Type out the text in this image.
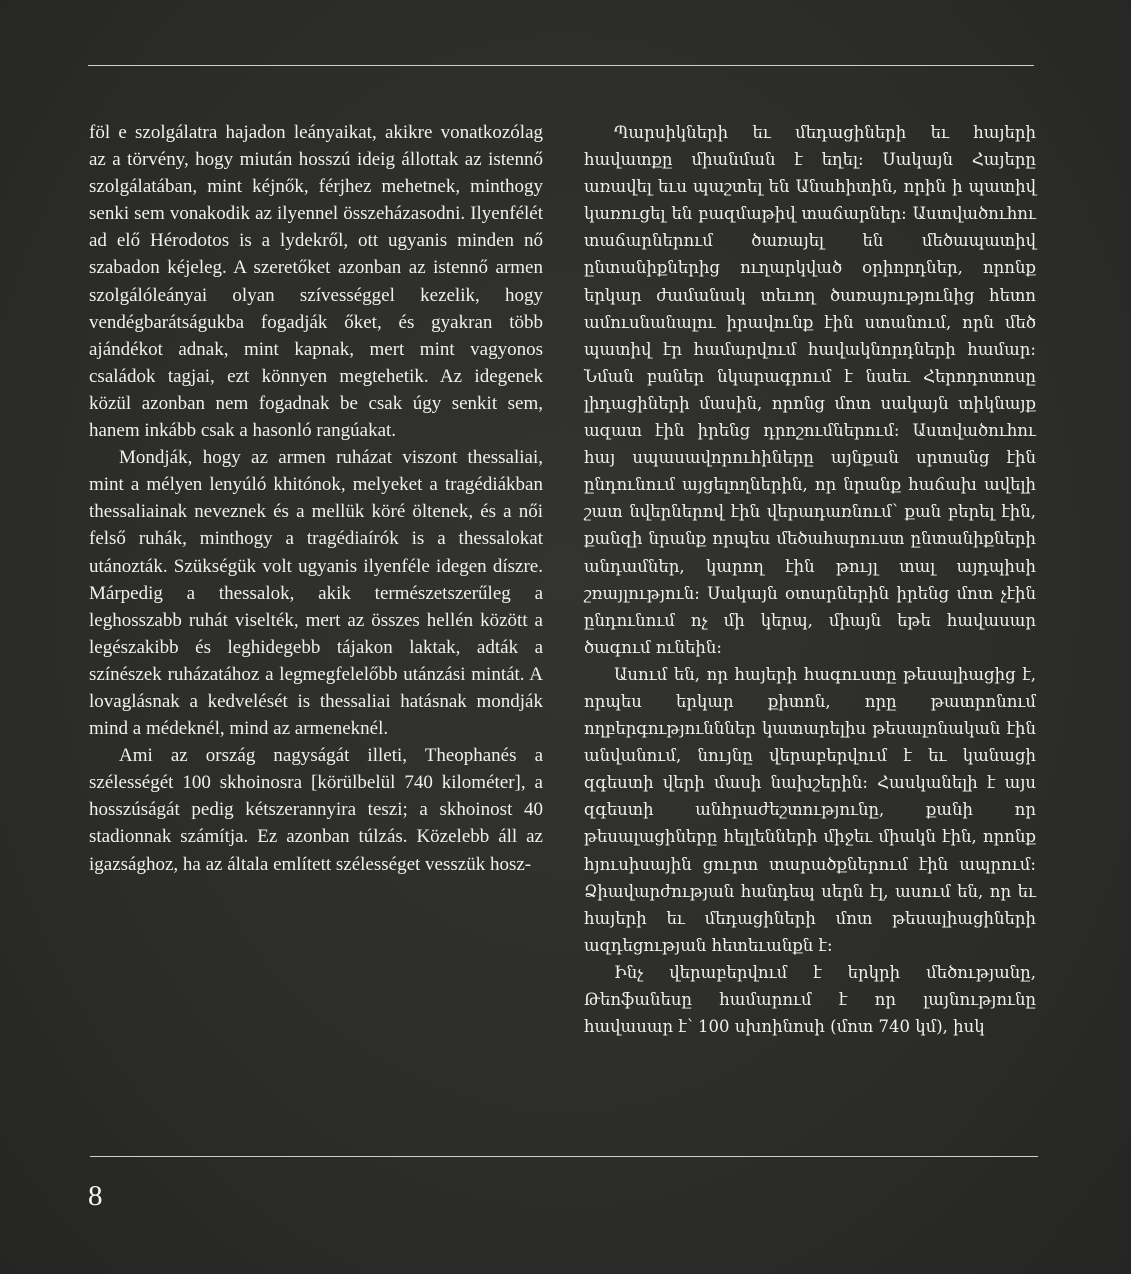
föl e szolgálatra hajadon leányaikat, akikre vonatkozólag az a törvény, hogy miután hosszú ideig állottak az istennő szolgálatában, mint kéjnők, férjhez mehetnek, minthogy senki sem vonakodik az ilyennel összeházasodni. Ilyenfélét ad elő Hérodotos is a lydekről, ott ugyanis minden nő szabadon kéjeleg. A szeretőket azonban az istennő armen szolgálóleányai olyan szívességgel kezelik, hogy vendégbarátságukba fogadják őket, és gyakran több ajándékot adnak, mint kapnak, mert mint vagyonos családok tagjai, ezt könnyen megtehetik. Az idegenek közül azonban nem fogadnak be csak úgy senkit sem, hanem inkább csak a hasonló rangúakat.

Mondják, hogy az armen ruházat viszont thessaliai, mint a mélyen lenyúló khitónok, melyeket a tragédiákban thessaliainak neveznek és a mellük köré öltenek, és a női felső ruhák, minthogy a tragédiaírók is a thessalokat utánozták. Szükségük volt ugyanis ilyenféle idegen díszre. Márpedig a thessalok, akik természetszerűleg a leghosszabb ruhát viselték, mert az összes hellén között a legészakibb és leghidegebb tájakon laktak, adták a színészek ruházatához a legmegfelelőbb utánzási mintát. A lovaglásnak a kedvelését is thessaliai hatásnak mondják mind a médeknél, mind az armeneknél.

Ami az ország nagyságát illeti, Theophanés a szélességét 100 skhoinosra [körülbelül 740 kilométer], a hosszúságát pedig kétszerannyira teszi; a skhoinost 40 stadionnak számítja. Ez azonban túlzás. Közelebb áll az igazsághoz, ha az általa említett szélességet vesszük hosz-

Պարսիկների եւ մեդացիների եւ հայերի հավատքը միանման է եղել: Սակայն Հայերը առավել եւս պաշտել են Անահիտին, որին ի պատիվ կառուցել են բազմաթիվ տաճարներ: Աստվածուհու տաճարներում ծառայել են մեծապատիվ ընտանիքներից ուղարկված օրիորդներ, որոնք երկար ժամանակ տեւող ծառայությունից հետո ամուսնանալու իրավունք էին ստանում, որն մեծ պատիվ էր համարվում հավակնորդների համար: Նման բաներ նկարագրում է նաեւ Հերոդոտոսը լիդացիների մասին, որոնց մոտ սակայն տիկնայք ազատ էին իրենց դրոշումներում: Աստվածուհու հայ սպասավորուհիները այնքան սրտանց էին ընդունում այցելողներին, որ նրանք հաճախ ավելի շատ նվերներով էին վերադառնում՝ քան բերել էին, քանզի նրանք որպես մեծահարուստ ընտանիքների անդամներ, կարող էին թույլ տալ այդպիսի շռայլություն: Սակայն օտարներին իրենց մոտ չէին ընդունում ոչ մի կերպ, միայն եթե հավասար ծագում ունեին:

Ասում են, որ հայերի հագուստը թեսալիացից է, որպես երկար քիտոն, որը թատրոնում ողբերգությունններ կատարելիս թեսալոնական էին անվանում, նույնը վերաբերվում է եւ կանացի զգեստի վերի մասի նախշերին: Հասկանելի է այս զգեստի անհրաժեշտությունը, քանի որ թեսալացիները հելլենների միջեւ միակն էին, որոնք հյուսիսային ցուրտ տարածքներում էին ապրում: Ձիավարժության հանդեպ սերն էլ, ասում են, որ եւ հայերի եւ մեդացիների մոտ թեսալիացիների ազդեցության հետեւանքն է:

Ինչ վերաբերվում է երկրի մեծությանը, Թեոֆանեսը համարում է որ լայնությունը հավասար է՝ 100 սխոինոսի (մոտ 740 կմ), իսկ

8
